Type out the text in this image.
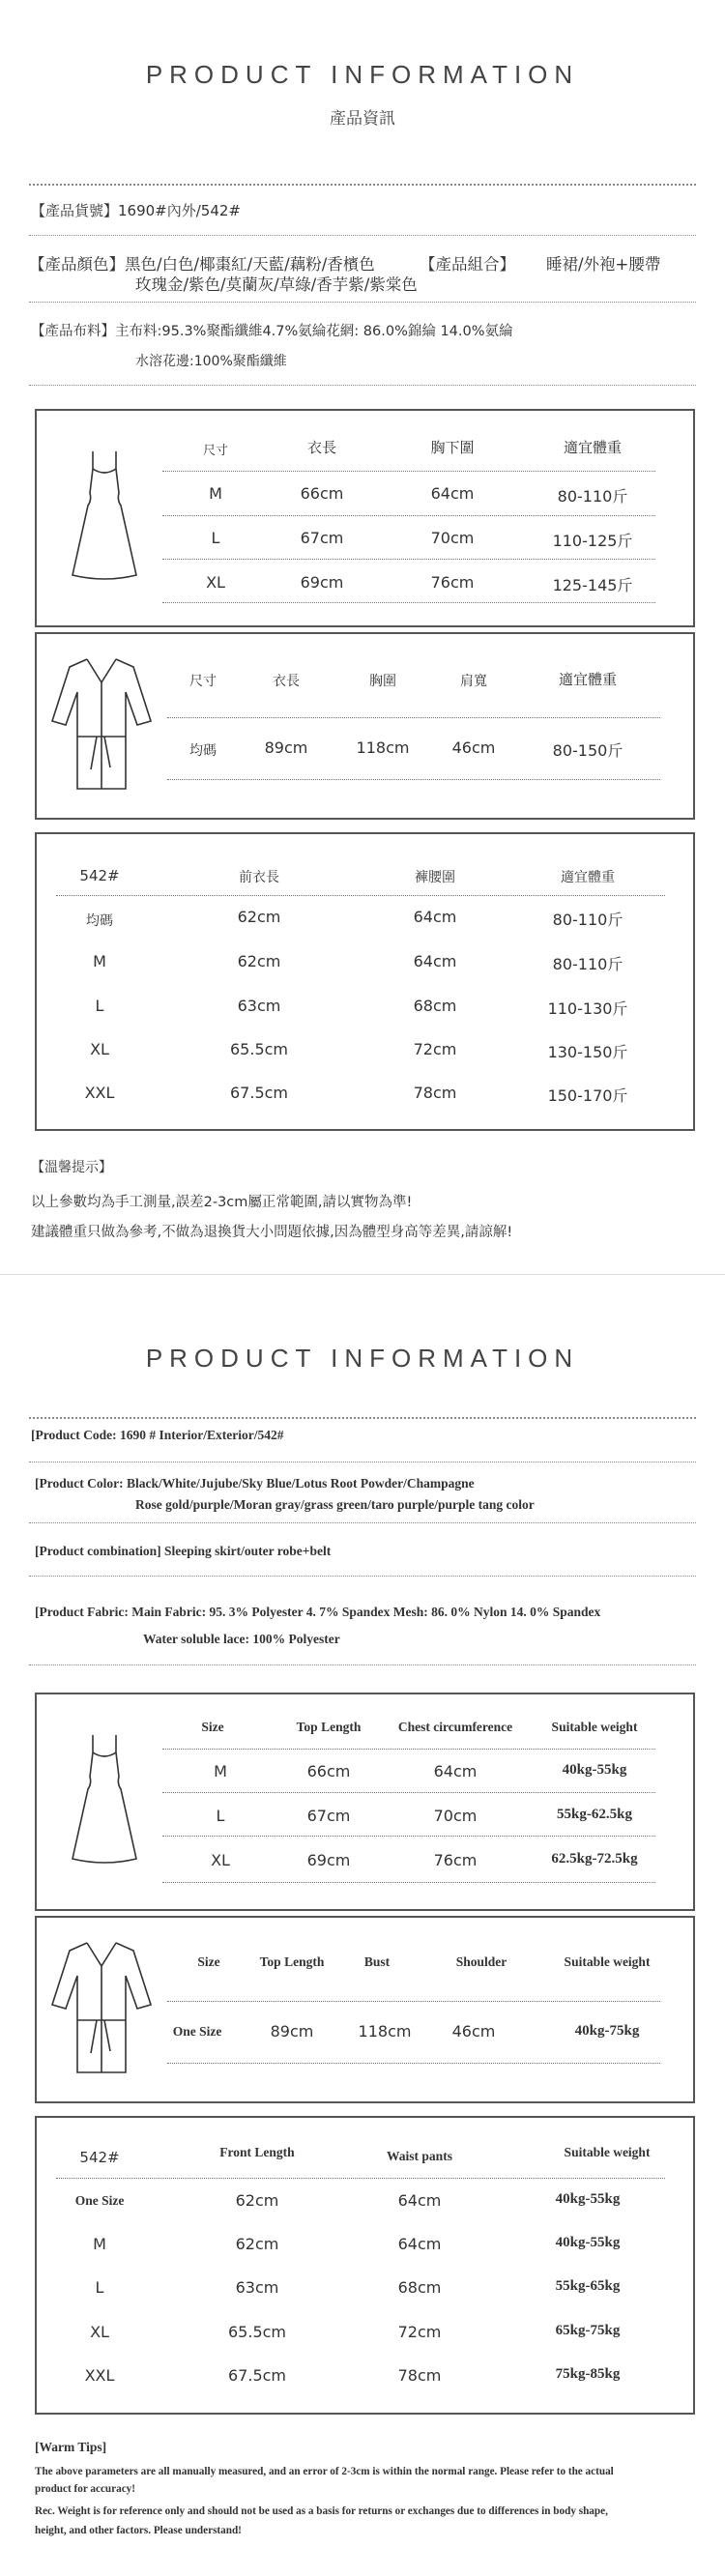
PRODUCT INFORMATION
產品資訊
【產品貨號】1690#內外/542#
【產品顏色】黑色/白色/椰棗紅/天藍/藕粉/香檳色	【產品組合】 睡裙/外袍+腰帶
玫瑰金/紫色/莫蘭灰/草綠/香芋紫/紫棠色
【產品布料】主布料:95.3%聚酯纖維4.7%氨綸花網: 86.0%錦綸 14.0%氨綸
水溶花邊:100%聚酯纖維
尺寸	衣長	胸下圍	適宜體重
M	66cm	64cm	80-110斤
L	67cm	70cm	110-125斤
XL	69cm	76cm	125-145斤
尺寸	衣長	胸圍	肩寬	適宜體重
均碼	89cm	118cm	46cm	80-150斤
542#	前衣長	褲腰圍	適宜體重
均碼	62cm	64cm	80-110斤
M	62cm	64cm	80-110斤
L	63cm	68cm	110-130斤
XL	65.5cm	72cm	130-150斤
XXL	67.5cm	78cm	150-170斤
【溫馨提示】
以上參數均為手工測量,誤差2-3cm屬正常範圍,請以實物為準!
建議體重只做為參考,不做為退換貨大小問題依據,因為體型身高等差異,請諒解!
PRODUCT INFORMATION
[Product Code: 1690 # Interior/Exterior/542#
[Product Color: Black/White/Jujube/Sky Blue/Lotus Root Powder/Champagne
Rose gold/purple/Moran gray/grass green/taro purple/purple tang color
[Product combination] Sleeping skirt/outer robe+belt
[Product Fabric: Main Fabric: 95. 3% Polyester 4. 7% Spandex Mesh: 86. 0% Nylon 14. 0% Spandex
Water soluble lace: 100% Polyester
Size	Top Length	Chest circumference	Suitable weight
M	66cm	64cm	40kg-55kg
L	67cm	70cm	55kg-62.5kg
XL	69cm	76cm	62.5kg-72.5kg
Size	Top Length	Bust	Shoulder	Suitable weight
One Size	89cm	118cm	46cm	40kg-75kg
542#	Front Length	Waist pants	Suitable weight
One Size	62cm	64cm	40kg-55kg
M	62cm	64cm	40kg-55kg
L	63cm	68cm	55kg-65kg
XL	65.5cm	72cm	65kg-75kg
XXL	67.5cm	78cm	75kg-85kg
[Warm Tips]
The above parameters are all manually measured, and an error of 2-3cm is within the normal range. Please refer to the actual
product for accuracy!
Rec. Weight is for reference only and should not be used as a basis for returns or exchanges due to differences in body shape,
height, and other factors. Please understand!
